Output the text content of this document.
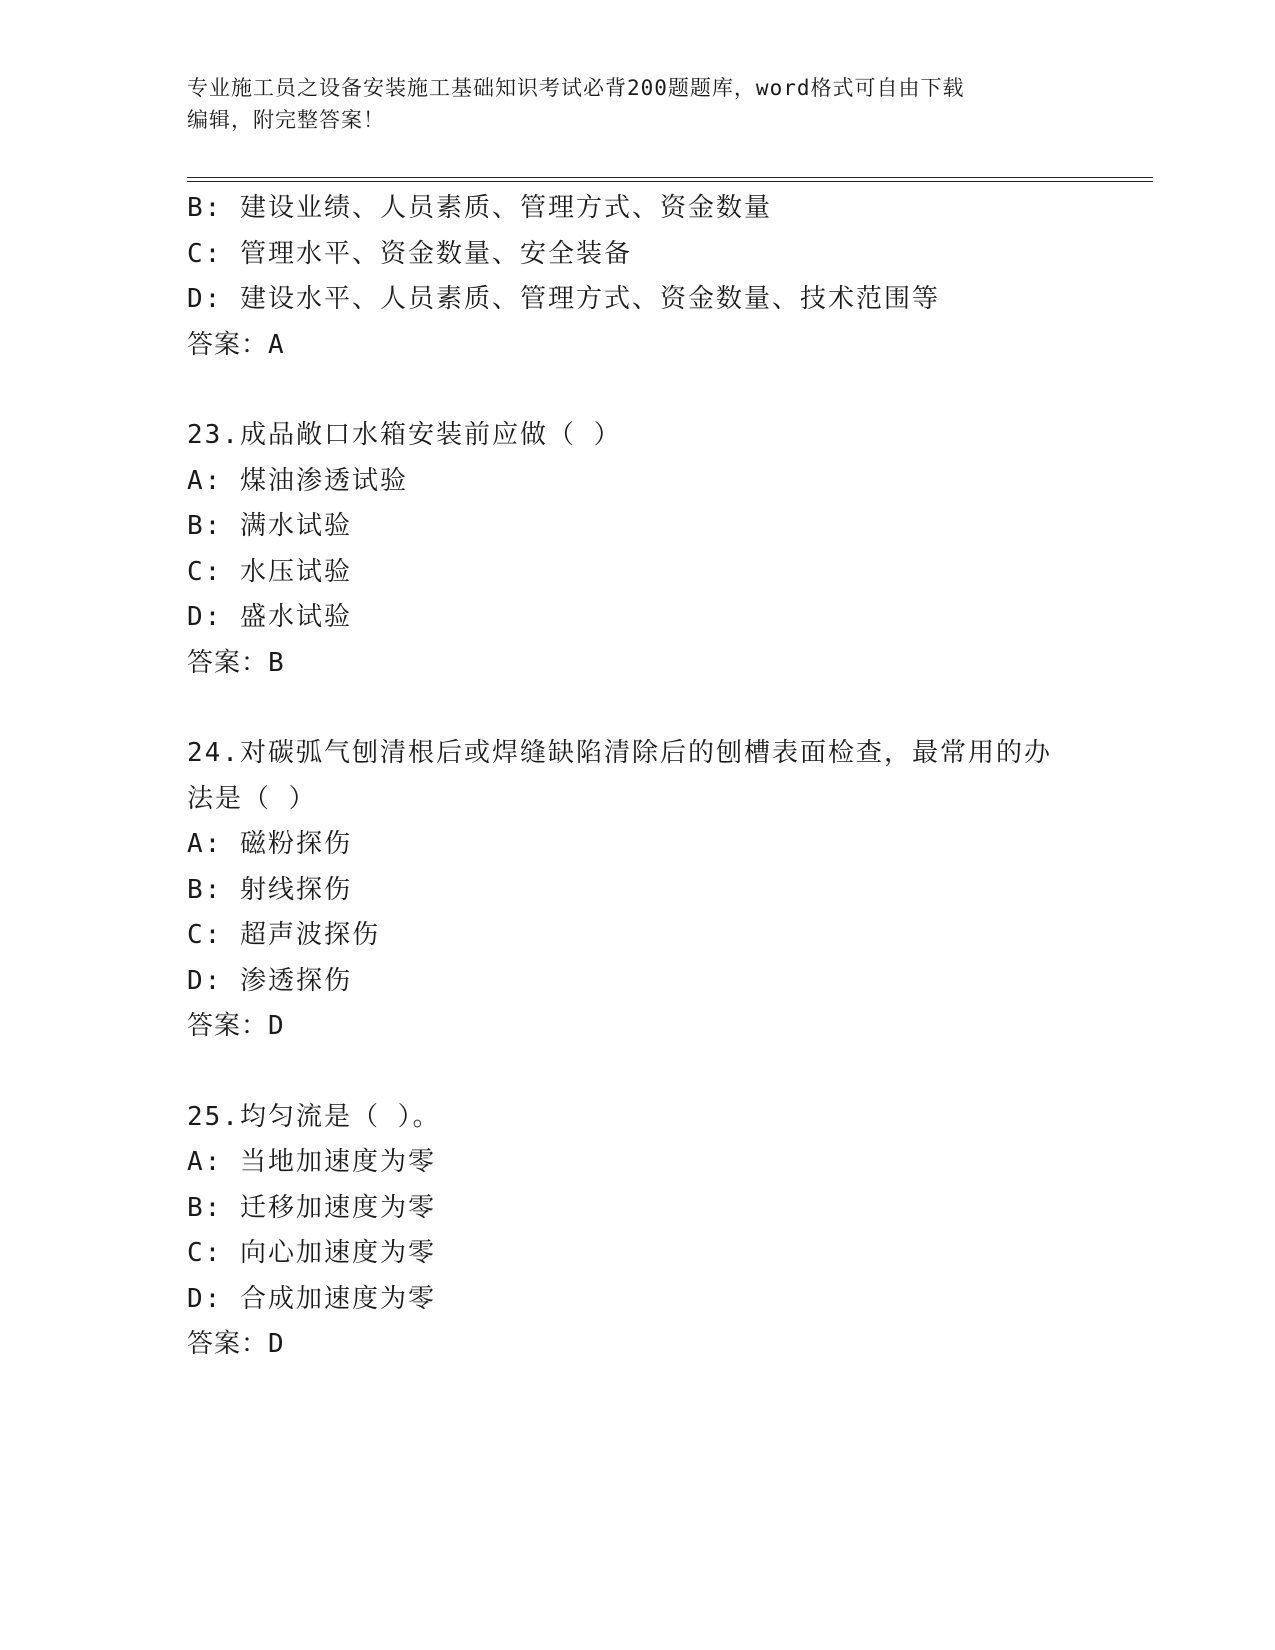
专业施工员之设备安装施工基础知识考试必背200题题库，word格式可自由下载
编辑，附完整答案！
B: 建设业绩、人员素质、管理方式、资金数量
C: 管理水平、资金数量、安全装备
D: 建设水平、人员素质、管理方式、资金数量、技术范围等
答案：A
23.成品敞口水箱安装前应做（ ）
A: 煤油渗透试验
B: 满水试验
C: 水压试验
D: 盛水试验
答案：B
24.对碳弧气刨清根后或焊缝缺陷清除后的刨槽表面检查，最常用的办
法是（ ）
A: 磁粉探伤
B: 射线探伤
C: 超声波探伤
D: 渗透探伤
答案：D
25.均匀流是（ ）。
A: 当地加速度为零
B: 迁移加速度为零
C: 向心加速度为零
D: 合成加速度为零
答案：D
